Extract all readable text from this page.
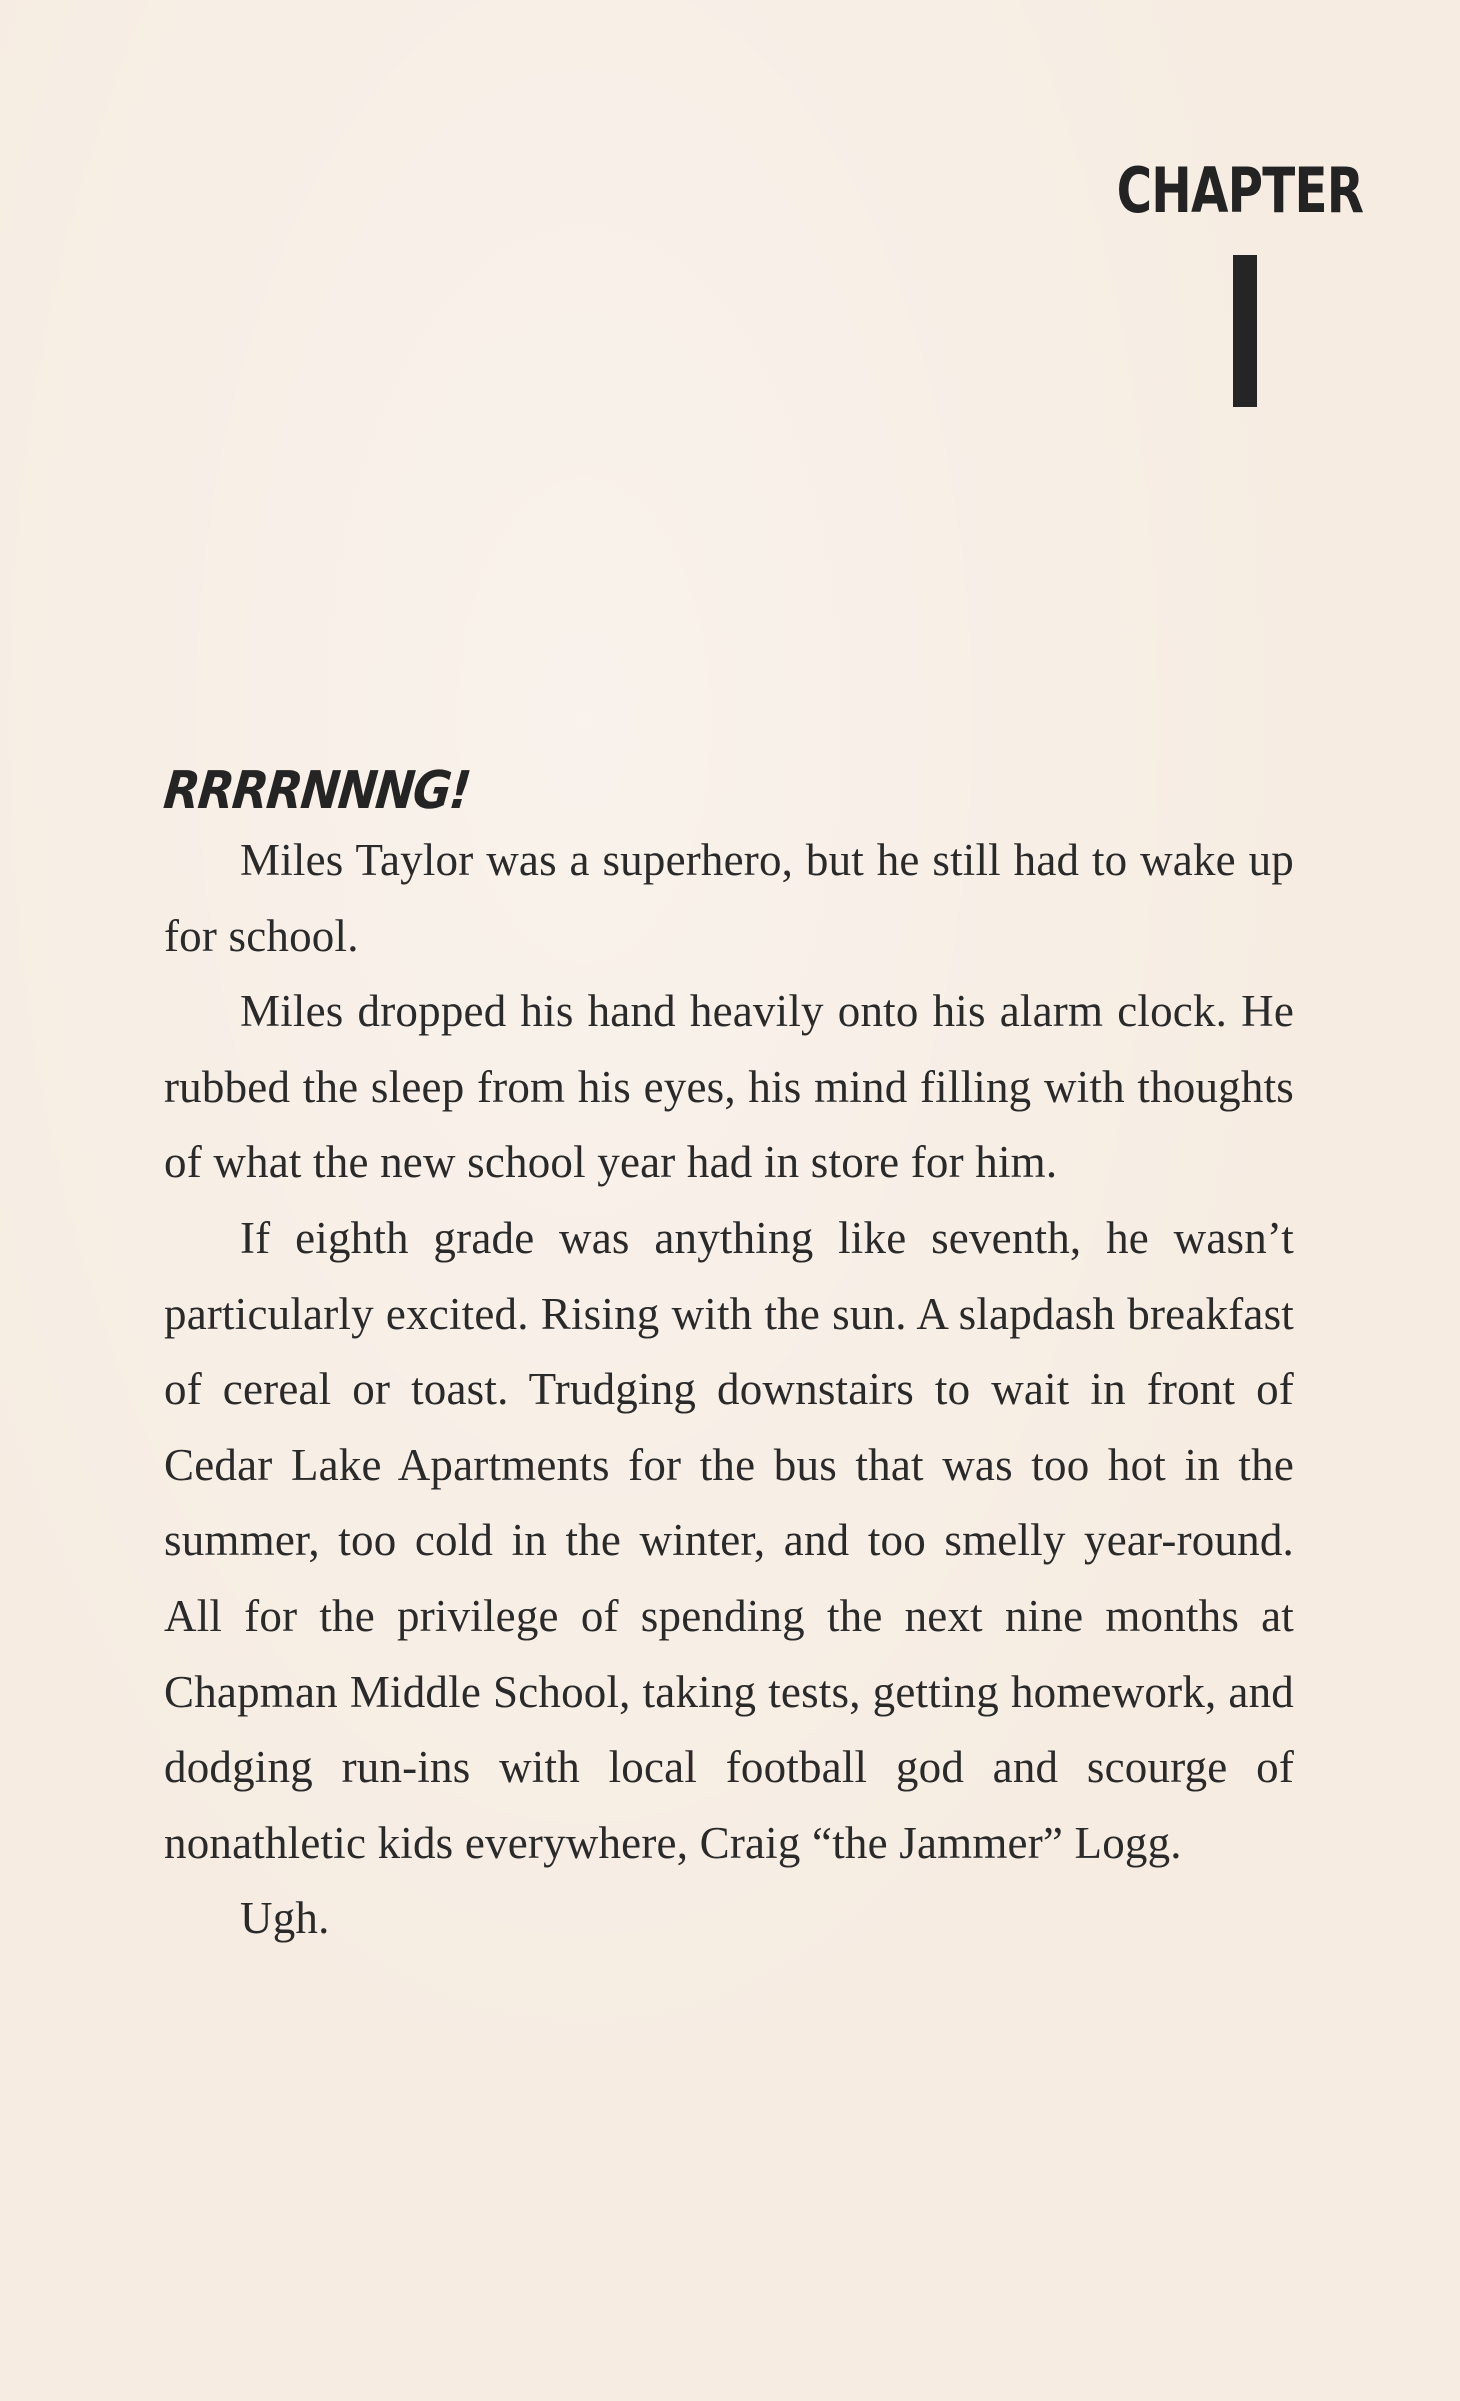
CHAPTER
RRRRNNNG!

Miles Taylor was a superhero, but he still had to wake up for school.

Miles dropped his hand heavily onto his alarm clock. He rubbed the sleep from his eyes, his mind filling with thoughts of what the new school year had in store for him.

If eighth grade was anything like seventh, he wasn’t particularly excited. Rising with the sun. A slapdash breakfast of cereal or toast. Trudging downstairs to wait in front of Cedar Lake Apartments for the bus that was too hot in the summer, too cold in the winter, and too smelly year-round. All for the privilege of spending the next nine months at Chapman Middle School, taking tests, getting homework, and dodging run-ins with local football god and scourge of nonathletic kids everywhere, Craig “the Jammer” Logg.

Ugh.
